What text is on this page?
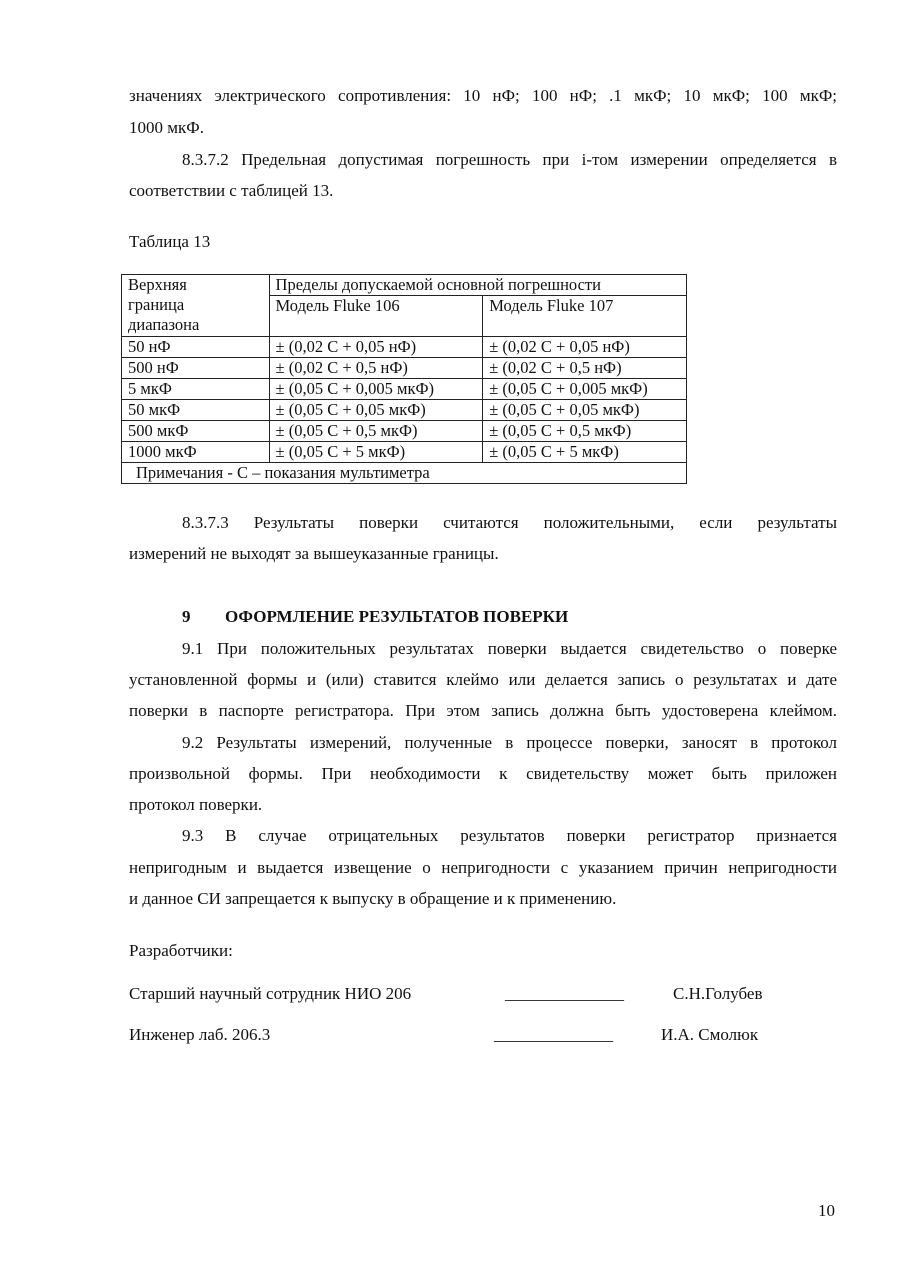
значениях электрического сопротивления: 10 нФ; 100 нФ; .1 мкФ; 10 мкФ; 100 мкФ;
1000 мкФ.
8.3.7.2 Предельная допустимая погрешность при i-том измерении определяется в
соответствии с таблицей 13.
Таблица 13
Верхняя
граница
диапазона	Пределы допускаемой основной погрешности	
	Модель Fluke 106	Модель Fluke 107
50 нФ	± (0,02 С + 0,05 нФ)	± (0,02 С + 0,05 нФ)
500 нФ	± (0,02 С + 0,5 нФ)	± (0,02 С + 0,5 нФ)
5 мкФ	± (0,05 С + 0,005 мкФ)	± (0,05 С + 0,005 мкФ)
50 мкФ	± (0,05 С + 0,05 мкФ)	± (0,05 С + 0,05 мкФ)
500 мкФ	± (0,05 С + 0,5 мкФ)	± (0,05 С + 0,5 мкФ)
1000 мкФ	± (0,05 С + 5 мкФ)	± (0,05 С + 5 мкФ)
Примечания - С – показания мультиметра		
8.3.7.3 Результаты поверки считаются положительными, если результаты
измерений не выходят за вышеуказанные границы.
9 ОФОРМЛЕНИЕ РЕЗУЛЬТАТОВ ПОВЕРКИ
9.1 При положительных результатах поверки выдается свидетельство о поверке
установленной формы и (или) ставится клеймо или делается запись о результатах и дате
поверки в паспорте регистратора. При этом запись должна быть удостоверена клеймом.
9.2 Результаты измерений, полученные в процессе поверки, заносят в протокол
произвольной формы. При необходимости к свидетельству может быть приложен
протокол поверки.
9.3 В случае отрицательных результатов поверки регистратор признается
непригодным и выдается извещение о непригодности с указанием причин непригодности
и данное СИ запрещается к выпуску в обращение и к применению.
Разработчики:
Старший научный сотрудник НИО 206	______________	С.Н.Голубев
Инженер лаб. 206.3	______________	И.А. Смолюк
10
